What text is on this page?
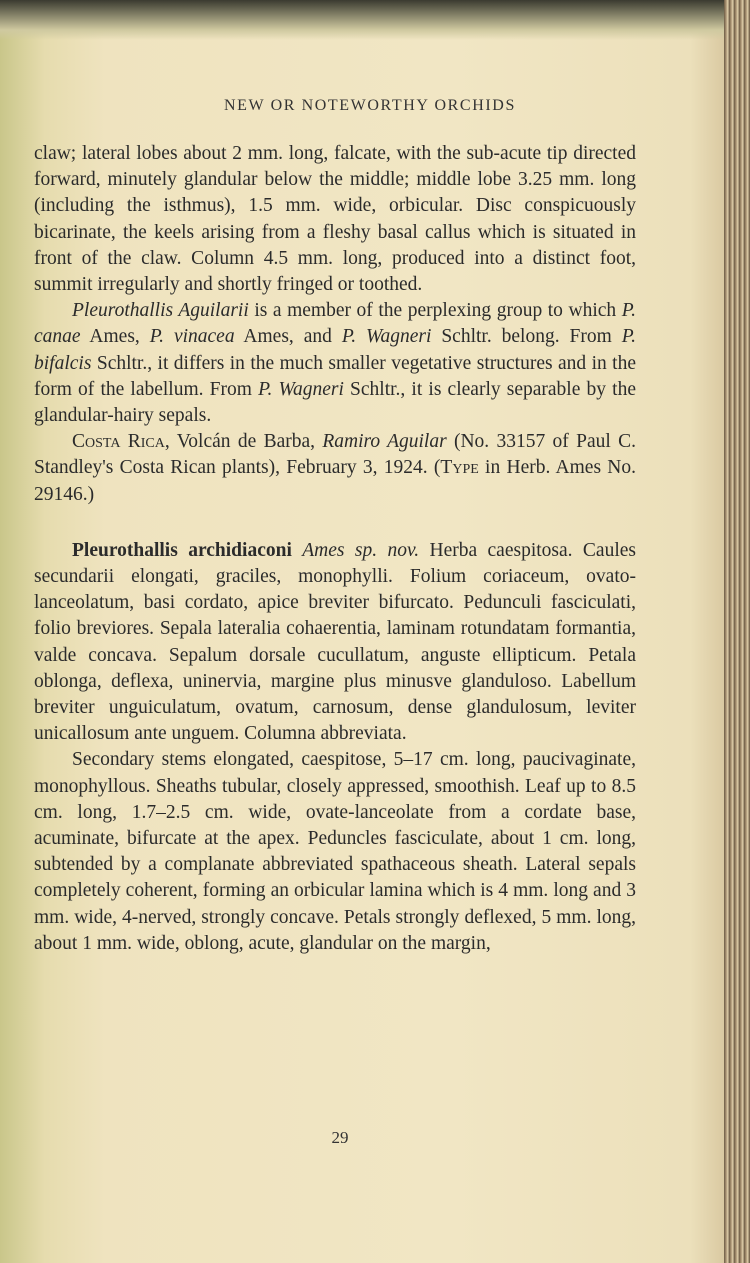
NEW OR NOTEWORTHY ORCHIDS

claw; lateral lobes about 2 mm. long, falcate, with the sub-acute tip directed forward, minutely glandular below the middle; middle lobe 3.25 mm. long (including the isthmus), 1.5 mm. wide, orbicular. Disc conspicuously bicarinate, the keels arising from a fleshy basal callus which is situated in front of the claw. Column 4.5 mm. long, produced into a distinct foot, summit irregularly and shortly fringed or toothed.

Pleurothallis Aguilarii is a member of the perplexing group to which P. canae Ames, P. vinacea Ames, and P. Wagneri Schltr. belong. From P. bifalcis Schltr., it differs in the much smaller vegetative structures and in the form of the labellum. From P. Wagneri Schltr., it is clearly separable by the glandular-hairy sepals.

Costa Rica, Volcán de Barba, Ramiro Aguilar (No. 33157 of Paul C. Standley's Costa Rican plants), February 3, 1924. (Type in Herb. Ames No. 29146.)

Pleurothallis archidiaconi Ames sp. nov. Herba caespitosa. Caules secundarii elongati, graciles, monophylli. Folium coriaceum, ovato-lanceolatum, basi cordato, apice breviter bifurcato. Pedunculi fasciculati, folio breviores. Sepala lateralia cohaerentia, laminam rotundatam formantia, valde concava. Sepalum dorsale cucullatum, anguste ellipticum. Petala oblonga, deflexa, uninervia, margine plus minusve glanduloso. Labellum breviter unguiculatum, ovatum, carnosum, dense glandulosum, leviter unicallosum ante unguem. Columna abbreviata.

Secondary stems elongated, caespitose, 5–17 cm. long, paucivaginate, monophyllous. Sheaths tubular, closely appressed, smoothish. Leaf up to 8.5 cm. long, 1.7–2.5 cm. wide, ovate-lanceolate from a cordate base, acuminate, bifurcate at the apex. Peduncles fasciculate, about 1 cm. long, subtended by a complanate abbreviated spathaceous sheath. Lateral sepals completely coherent, forming an orbicular lamina which is 4 mm. long and 3 mm. wide, 4-nerved, strongly concave. Petals strongly deflexed, 5 mm. long, about 1 mm. wide, oblong, acute, glandular on the margin,

29
